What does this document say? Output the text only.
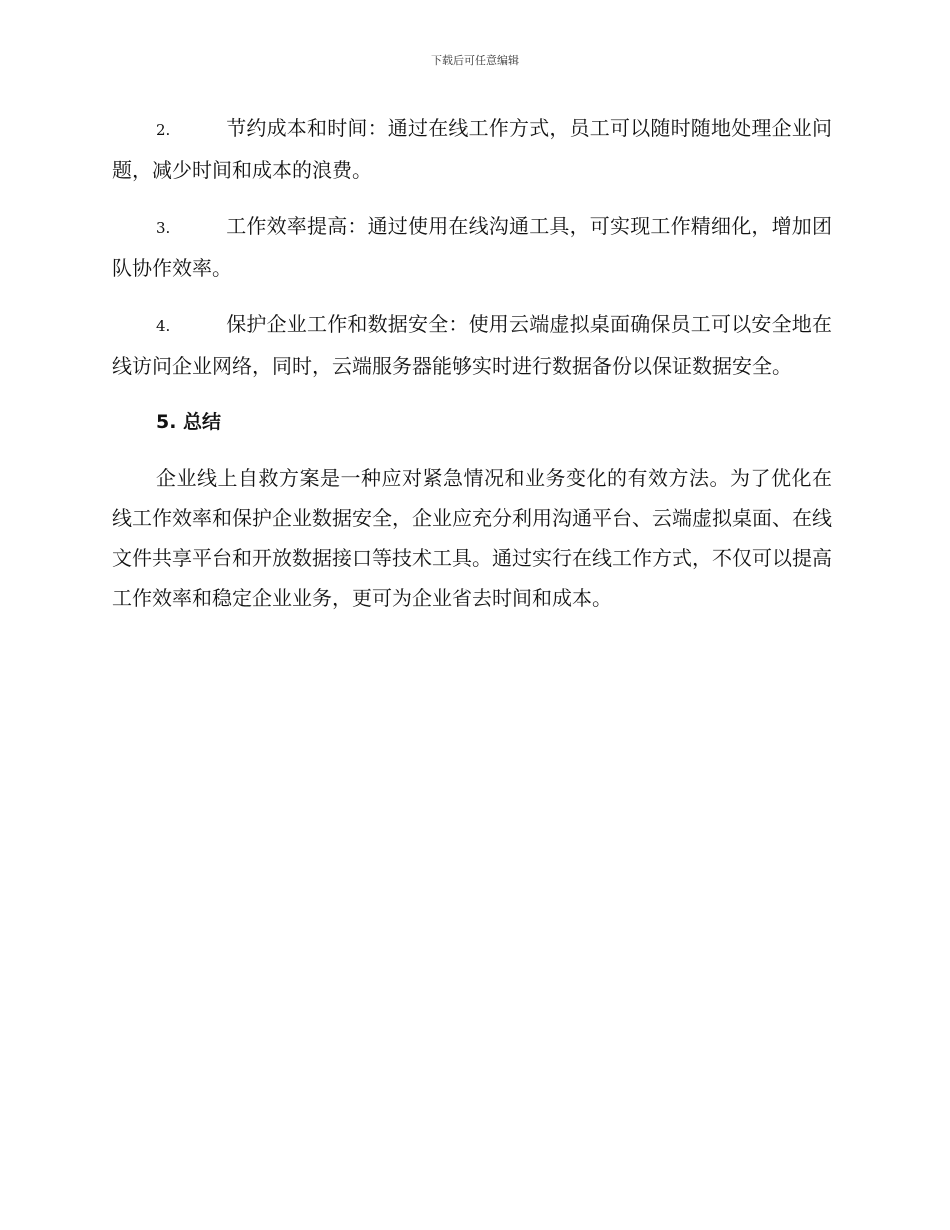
下载后可任意编辑

2.	节约成本和时间：通过在线工作方式，员工可以随时随地处理企业问题，减少时间和成本的浪费。

3.	工作效率提高：通过使用在线沟通工具，可实现工作精细化，增加团队协作效率。

4.	保护企业工作和数据安全：使用云端虚拟桌面确保员工可以安全地在线访问企业网络，同时，云端服务器能够实时进行数据备份以保证数据安全。

5. 总结

企业线上自救方案是一种应对紧急情况和业务变化的有效方法。为了优化在线工作效率和保护企业数据安全，企业应充分利用沟通平台、云端虚拟桌面、在线文件共享平台和开放数据接口等技术工具。通过实行在线工作方式，不仅可以提高工作效率和稳定企业业务，更可为企业省去时间和成本。
